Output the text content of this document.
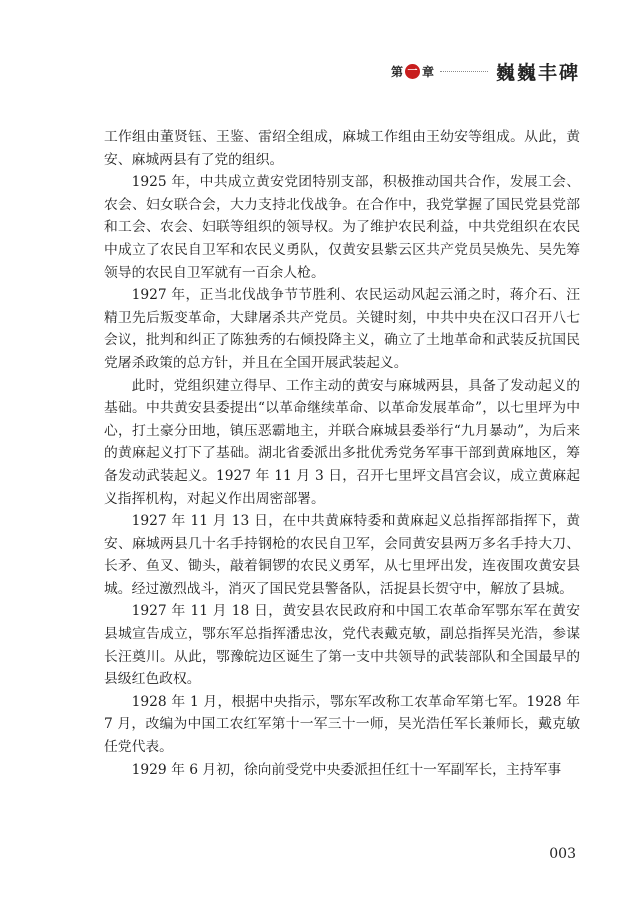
第 一 章	巍巍丰碑

工作组由董贤钰、王鉴、雷绍全组成，麻城工作组由王幼安等组成。从此，黄安、麻城两县有了党的组织。

1925 年，中共成立黄安党团特别支部，积极推动国共合作，发展工会、农会、妇女联合会，大力支持北伐战争。在合作中，我党掌握了国民党县党部和工会、农会、妇联等组织的领导权。为了维护农民利益，中共党组织在农民中成立了农民自卫军和农民义勇队，仅黄安县紫云区共产党员吴焕先、吴先筹领导的农民自卫军就有一百余人枪。

1927 年，正当北伐战争节节胜利、农民运动风起云涌之时，蒋介石、汪精卫先后叛变革命，大肆屠杀共产党员。关键时刻，中共中央在汉口召开八七会议，批判和纠正了陈独秀的右倾投降主义，确立了土地革命和武装反抗国民党屠杀政策的总方针，并且在全国开展武装起义。

此时，党组织建立得早、工作主动的黄安与麻城两县，具备了发动起义的基础。中共黄安县委提出“以革命继续革命、以革命发展革命”，以七里坪为中心，打土豪分田地，镇压恶霸地主，并联合麻城县委举行“九月暴动”，为后来的黄麻起义打下了基础。湖北省委派出多批优秀党务军事干部到黄麻地区，筹备发动武装起义。1927 年 11 月 3 日，召开七里坪文昌宫会议，成立黄麻起义指挥机构，对起义作出周密部署。

1927 年 11 月 13 日，在中共黄麻特委和黄麻起义总指挥部指挥下，黄安、麻城两县几十名手持钢枪的农民自卫军，会同黄安县两万多名手持大刀、长矛、鱼叉、锄头，敲着铜锣的农民义勇军，从七里坪出发，连夜围攻黄安县城。经过激烈战斗，消灭了国民党县警备队，活捉县长贺守中，解放了县城。

1927 年 11 月 18 日，黄安县农民政府和中国工农革命军鄂东军在黄安县城宣告成立，鄂东军总指挥潘忠汝，党代表戴克敏，副总指挥吴光浩，参谋长汪奠川。从此，鄂豫皖边区诞生了第一支中共领导的武装部队和全国最早的县级红色政权。

1928 年 1 月，根据中央指示，鄂东军改称工农革命军第七军。1928 年 7 月，改编为中国工农红军第十一军三十一师，吴光浩任军长兼师长，戴克敏任党代表。

1929 年 6 月初，徐向前受党中央委派担任红十一军副军长，主持军事

003
